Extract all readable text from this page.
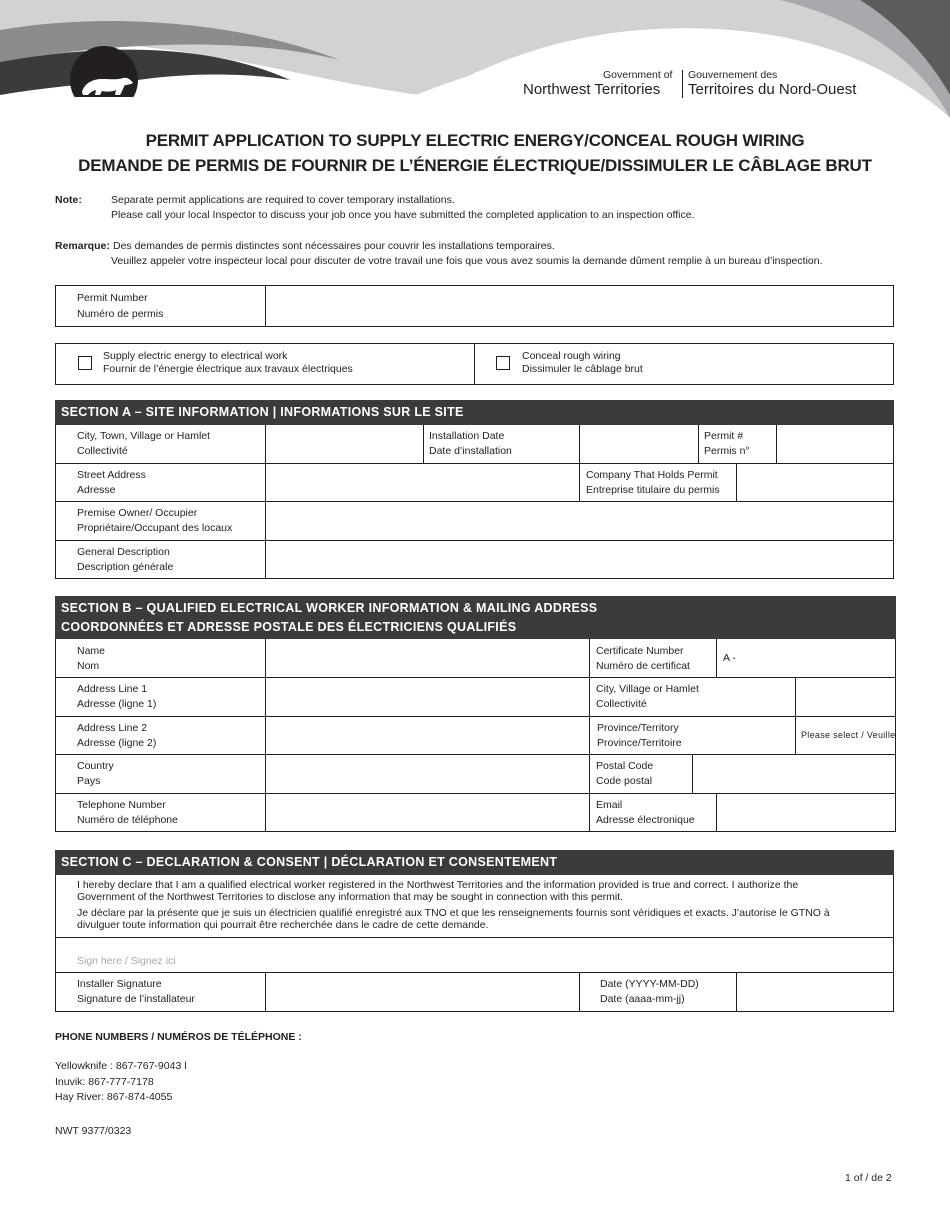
Government of
Northwest Territories
Gouvernement des
Territoires du Nord-Ouest
PERMIT APPLICATION TO SUPPLY ELECTRIC ENERGY/CONCEAL ROUGH WIRING
DEMANDE DE PERMIS DE FOURNIR DE L’ÉNERGIE ÉLECTRIQUE/DISSIMULER LE CÂBLAGE BRUT
Note:	Separate permit applications are required to cover temporary installations.
Please call your local Inspector to discuss your job once you have submitted the completed application to an inspection office.
Remarque: Des demandes de permis distinctes sont nécessaires pour couvrir les installations temporaires.
Veuillez appeler votre inspecteur local pour discuter de votre travail une fois que vous avez soumis la demande dûment remplie à un bureau d’inspection.
Permit Number
Numéro de permis
Supply electric energy to electrical work
Fournir de l’énergie électrique aux travaux électriques
Conceal rough wiring
Dissimuler le câblage brut
SECTION A – SITE INFORMATION | INFORMATIONS SUR LE SITE
City, Town, Village or Hamlet
Collectivité
Installation Date
Date d’installation
Permit #
Permis n°
Street Address
Adresse
Company That Holds Permit
Entreprise titulaire du permis
Premise Owner/ Occupier
Propriétaire/Occupant des locaux
General Description
Description générale
SECTION B – QUALIFIED ELECTRICAL WORKER INFORMATION & MAILING ADDRESS
COORDONNÉES ET ADRESSE POSTALE DES ÉLECTRICIENS QUALIFIÉS
Name
Nom
Certificate Number
Numéro de certificat
A -
Address Line 1
Adresse (ligne 1)
City, Village or Hamlet
Collectivité
Address Line 2
Adresse (ligne 2)
Province/Territory
Province/Territoire
Please select / Veuille
Country
Pays
Postal Code
Code postal
Telephone Number
Numéro de téléphone
Email
Adresse électronique
SECTION C – DECLARATION & CONSENT | DÉCLARATION ET CONSENTEMENT
I hereby declare that I am a qualified electrical worker registered in the Northwest Territories and the information provided is true and correct. I authorize the
Government of the Northwest Territories to disclose any information that may be sought in connection with this permit.
Je déclare par la présente que je suis un électricien qualifié enregistré aux TNO et que les renseignements fournis sont véridiques et exacts. J’autorise le GTNO à
divulguer toute information qui pourrait être recherchée dans le cadre de cette demande.
Sign here / Signez ici
Installer Signature
Signature de l’installateur
Date (YYYY-MM-DD)
Date (aaaa-mm-jj)
PHONE NUMBERS / NUMÉROS DE TÉLÉPHONE :
Yellowknife : 867-767-9043 l
Inuvik: 867-777-7178
Hay River: 867-874-4055
NWT 9377/0323
1 of / de 2
